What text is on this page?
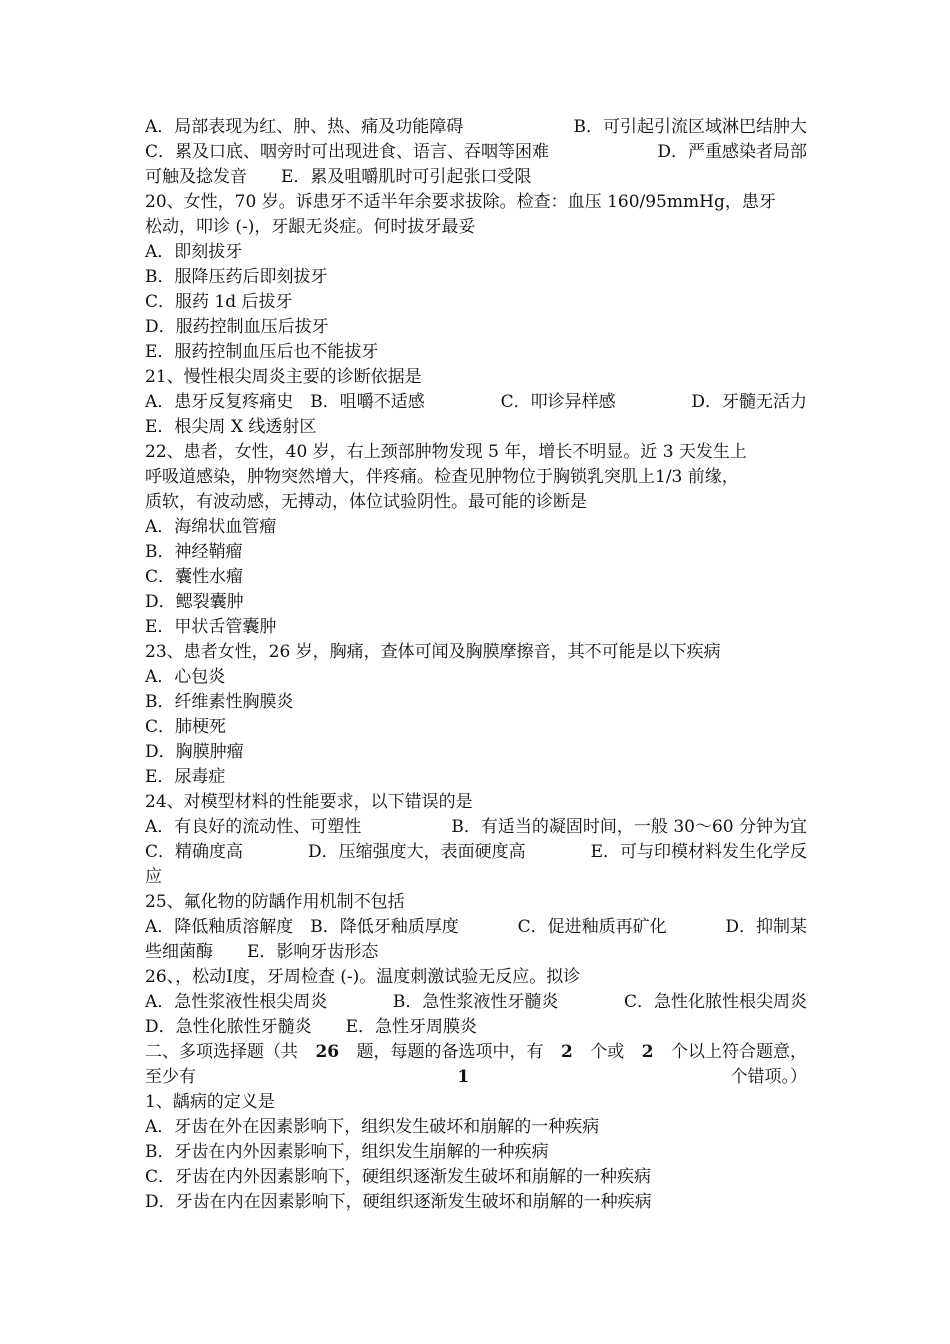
A．局部表现为红、肿、热、痛及功能障碍	B．可引起引流区域淋巴结肿大
C．累及口底、咽旁时可出现进食、语言、吞咽等困难	D．严重感染者局部
可触及捻发音　　E．累及咀嚼肌时可引起张口受限
20、女性，70 岁。诉患牙不适半年余要求拔除。检查：血压 160/95mmHg，患牙
松动，叩诊 (-)，牙龈无炎症。何时拔牙最妥
A．即刻拔牙
B．服降压药后即刻拔牙
C．服药 1d 后拔牙
D．服药控制血压后拔牙
E．服药控制血压后也不能拔牙
21、慢性根尖周炎主要的诊断依据是
A．患牙反复疼痛史　B．咀嚼不适感	C．叩诊异样感	D．牙髓无活力
E．根尖周 X 线透射区
22、患者，女性，40 岁，右上颈部肿物发现 5 年，增长不明显。近 3 天发生上
呼吸道感染，肿物突然增大，伴疼痛。检查见肿物位于胸锁乳突肌上1/3 前缘，
质软，有波动感，无搏动，体位试验阴性。最可能的诊断是
A．海绵状血管瘤
B．神经鞘瘤
C．囊性水瘤
D．鳃裂囊肿
E．甲状舌管囊肿
23、患者女性，26 岁，胸痛，查体可闻及胸膜摩擦音，其不可能是以下疾病
A．心包炎
B．纤维素性胸膜炎
C．肺梗死
D．胸膜肿瘤
E．尿毒症
24、对模型材料的性能要求，以下错误的是
A．有良好的流动性、可塑性	B．有适当的凝固时间，一般 30～60 分钟为宜
C．精确度高	D．压缩强度大，表面硬度高	E．可与印模材料发生化学反
应
25、氟化物的防龋作用机制不包括
A．降低釉质溶解度　B．降低牙釉质厚度	C．促进釉质再矿化	D．抑制某
些细菌酶　　E．影响牙齿形态
26、，松动Ⅰ度，牙周检查 (-)。温度刺激试验无反应。拟诊
A．急性浆液性根尖周炎	B．急性浆液性牙髓炎	C．急性化脓性根尖周炎
D．急性化脓性牙髓炎　　E．急性牙周膜炎
二、多项选择题（共 26 题，每题的备选项中，有 2 个或 2 个以上符合题意，
至少有	1	个错项。）
1、龋病的定义是
A．牙齿在外在因素影响下，组织发生破坏和崩解的一种疾病
B．牙齿在内外因素影响下，组织发生崩解的一种疾病
C．牙齿在内外因素影响下，硬组织逐渐发生破坏和崩解的一种疾病
D．牙齿在内在因素影响下，硬组织逐渐发生破坏和崩解的一种疾病
